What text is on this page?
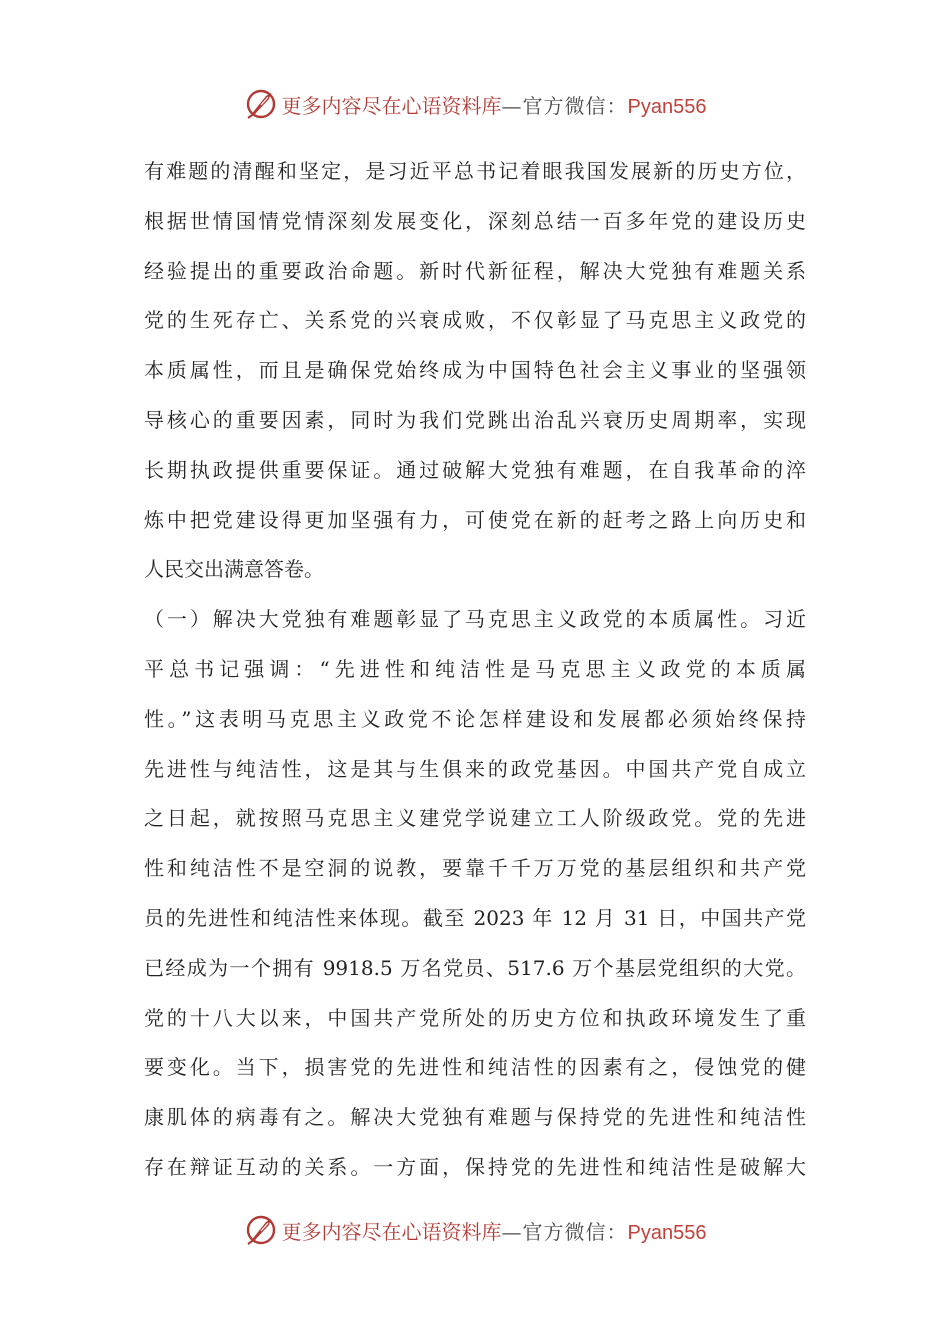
更多内容尽在心语资料库—官方微信：Pyan556
有难题的清醒和坚定，是习近平总书记着眼我国发展新的历史方位，
根据世情国情党情深刻发展变化，深刻总结一百多年党的建设历史
经验提出的重要政治命题。新时代新征程，解决大党独有难题关系
党的生死存亡、关系党的兴衰成败，不仅彰显了马克思主义政党的
本质属性，而且是确保党始终成为中国特色社会主义事业的坚强领
导核心的重要因素，同时为我们党跳出治乱兴衰历史周期率，实现
长期执政提供重要保证。通过破解大党独有难题，在自我革命的淬
炼中把党建设得更加坚强有力，可使党在新的赶考之路上向历史和
人民交出满意答卷。
（一）解决大党独有难题彰显了马克思主义政党的本质属性。习近
平总书记强调：“先进性和纯洁性是马克思主义政党的本质属
性。”这表明马克思主义政党不论怎样建设和发展都必须始终保持
先进性与纯洁性，这是其与生俱来的政党基因。中国共产党自成立
之日起，就按照马克思主义建党学说建立工人阶级政党。党的先进
性和纯洁性不是空洞的说教，要靠千千万万党的基层组织和共产党
员的先进性和纯洁性来体现。截至 2023 年 12 月 31 日，中国共产党
已经成为一个拥有 9918.5 万名党员、517.6 万个基层党组织的大党。
党的十八大以来，中国共产党所处的历史方位和执政环境发生了重
要变化。当下，损害党的先进性和纯洁性的因素有之，侵蚀党的健
康肌体的病毒有之。解决大党独有难题与保持党的先进性和纯洁性
存在辩证互动的关系。一方面，保持党的先进性和纯洁性是破解大
更多内容尽在心语资料库—官方微信：Pyan556
